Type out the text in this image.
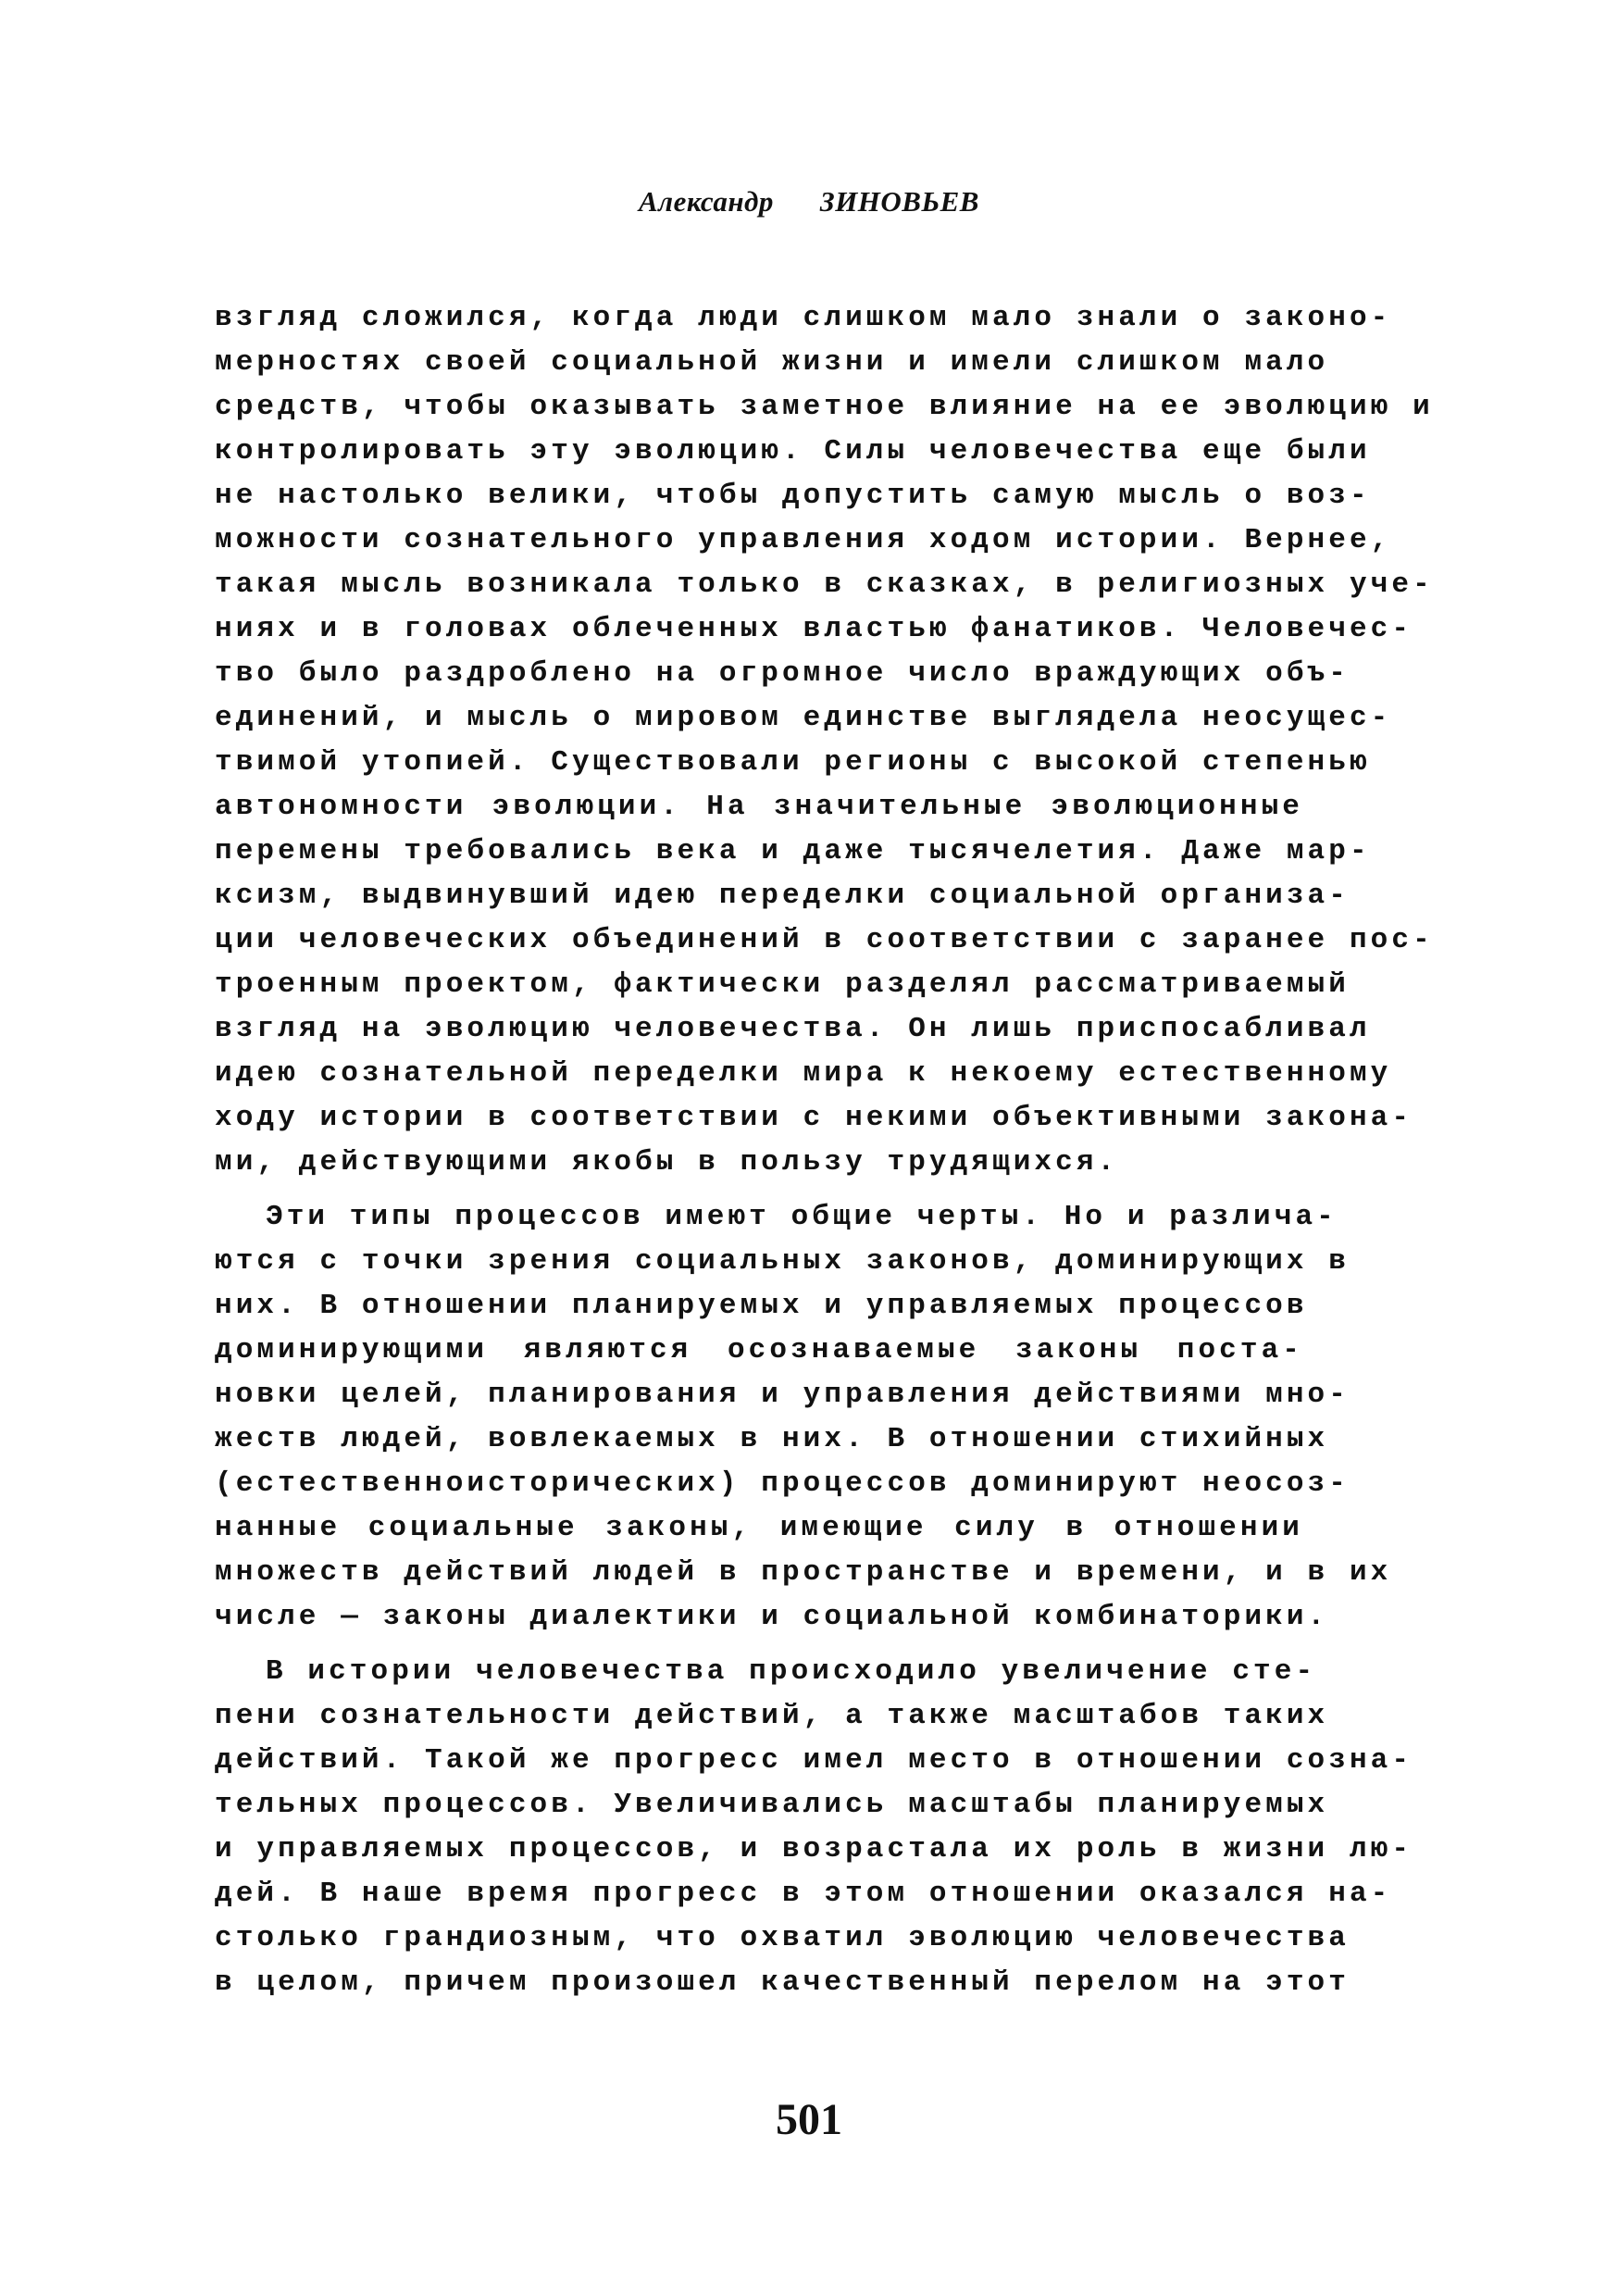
Александр ЗИНОВЬЕВ
взгляд сложился, когда люди слишком мало знали о законо-
мерностях своей социальной жизни и имели слишком мало
средств, чтобы оказывать заметное влияние на ее эволюцию и
контролировать эту эволюцию. Силы человечества еще были
не настолько велики, чтобы допустить самую мысль о воз-
можности сознательного управления ходом истории. Вернее,
такая мысль возникала только в сказках, в религиозных уче-
ниях и в головах облеченных властью фанатиков. Человечес-
тво было раздроблено на огромное число враждующих объ-
единений, и мысль о мировом единстве выглядела неосущес-
твимой утопией. Существовали регионы с высокой степенью
автономности эволюции. На значительные эволюционные
перемены требовались века и даже тысячелетия. Даже мар-
ксизм, выдвинувший идею переделки социальной организа-
ции человеческих объединений в соответствии с заранее пос-
троенным проектом, фактически разделял рассматриваемый
взгляд на эволюцию человечества. Он лишь приспосабливал
идею сознательной переделки мира к некоему естественному
ходу истории в соответствии с некими объективными закона-
ми, действующими якобы в пользу трудящихся.
Эти типы процессов имеют общие черты. Но и различа-
ются с точки зрения социальных законов, доминирующих в
них. В отношении планируемых и управляемых процессов
доминирующими являются осознаваемые законы поста-
новки целей, планирования и управления действиями мно-
жеств людей, вовлекаемых в них. В отношении стихийных
(естественноисторических) процессов доминируют неосоз-
нанные социальные законы, имеющие силу в отношении
множеств действий людей в пространстве и времени, и в их
числе — законы диалектики и социальной комбинаторики.
В истории человечества происходило увеличение сте-
пени сознательности действий, а также масштабов таких
действий. Такой же прогресс имел место в отношении созна-
тельных процессов. Увеличивались масштабы планируемых
и управляемых процессов, и возрастала их роль в жизни лю-
дей. В наше время прогресс в этом отношении оказался на-
столько грандиозным, что охватил эволюцию человечества
в целом, причем произошел качественный перелом на этот
501
